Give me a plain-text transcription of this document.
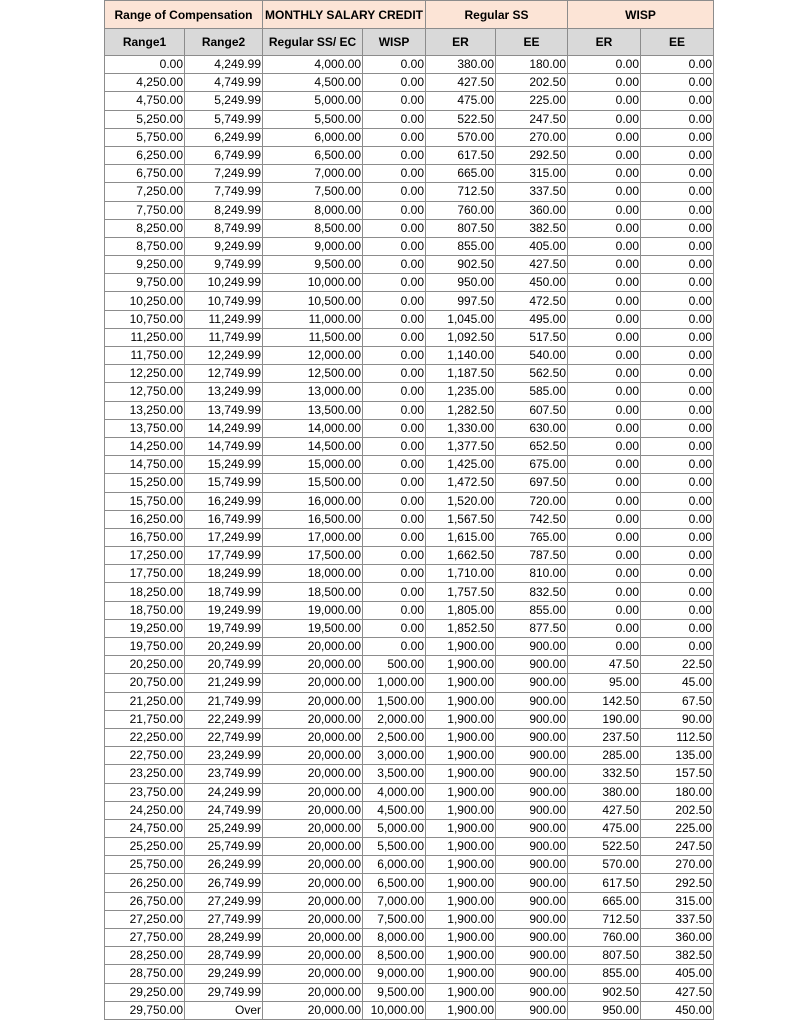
Range of Compensation		MONTHLY SALARY CREDIT		Regular SS		WISP	
Range1	Range2	Regular SS/ EC	WISP	ER	EE	ER	EE
0.00	4,249.99	4,000.00	0.00	380.00	180.00	0.00	0.00
4,250.00	4,749.99	4,500.00	0.00	427.50	202.50	0.00	0.00
4,750.00	5,249.99	5,000.00	0.00	475.00	225.00	0.00	0.00
5,250.00	5,749.99	5,500.00	0.00	522.50	247.50	0.00	0.00
5,750.00	6,249.99	6,000.00	0.00	570.00	270.00	0.00	0.00
6,250.00	6,749.99	6,500.00	0.00	617.50	292.50	0.00	0.00
6,750.00	7,249.99	7,000.00	0.00	665.00	315.00	0.00	0.00
7,250.00	7,749.99	7,500.00	0.00	712.50	337.50	0.00	0.00
7,750.00	8,249.99	8,000.00	0.00	760.00	360.00	0.00	0.00
8,250.00	8,749.99	8,500.00	0.00	807.50	382.50	0.00	0.00
8,750.00	9,249.99	9,000.00	0.00	855.00	405.00	0.00	0.00
9,250.00	9,749.99	9,500.00	0.00	902.50	427.50	0.00	0.00
9,750.00	10,249.99	10,000.00	0.00	950.00	450.00	0.00	0.00
10,250.00	10,749.99	10,500.00	0.00	997.50	472.50	0.00	0.00
10,750.00	11,249.99	11,000.00	0.00	1,045.00	495.00	0.00	0.00
11,250.00	11,749.99	11,500.00	0.00	1,092.50	517.50	0.00	0.00
11,750.00	12,249.99	12,000.00	0.00	1,140.00	540.00	0.00	0.00
12,250.00	12,749.99	12,500.00	0.00	1,187.50	562.50	0.00	0.00
12,750.00	13,249.99	13,000.00	0.00	1,235.00	585.00	0.00	0.00
13,250.00	13,749.99	13,500.00	0.00	1,282.50	607.50	0.00	0.00
13,750.00	14,249.99	14,000.00	0.00	1,330.00	630.00	0.00	0.00
14,250.00	14,749.99	14,500.00	0.00	1,377.50	652.50	0.00	0.00
14,750.00	15,249.99	15,000.00	0.00	1,425.00	675.00	0.00	0.00
15,250.00	15,749.99	15,500.00	0.00	1,472.50	697.50	0.00	0.00
15,750.00	16,249.99	16,000.00	0.00	1,520.00	720.00	0.00	0.00
16,250.00	16,749.99	16,500.00	0.00	1,567.50	742.50	0.00	0.00
16,750.00	17,249.99	17,000.00	0.00	1,615.00	765.00	0.00	0.00
17,250.00	17,749.99	17,500.00	0.00	1,662.50	787.50	0.00	0.00
17,750.00	18,249.99	18,000.00	0.00	1,710.00	810.00	0.00	0.00
18,250.00	18,749.99	18,500.00	0.00	1,757.50	832.50	0.00	0.00
18,750.00	19,249.99	19,000.00	0.00	1,805.00	855.00	0.00	0.00
19,250.00	19,749.99	19,500.00	0.00	1,852.50	877.50	0.00	0.00
19,750.00	20,249.99	20,000.00	0.00	1,900.00	900.00	0.00	0.00
20,250.00	20,749.99	20,000.00	500.00	1,900.00	900.00	47.50	22.50
20,750.00	21,249.99	20,000.00	1,000.00	1,900.00	900.00	95.00	45.00
21,250.00	21,749.99	20,000.00	1,500.00	1,900.00	900.00	142.50	67.50
21,750.00	22,249.99	20,000.00	2,000.00	1,900.00	900.00	190.00	90.00
22,250.00	22,749.99	20,000.00	2,500.00	1,900.00	900.00	237.50	112.50
22,750.00	23,249.99	20,000.00	3,000.00	1,900.00	900.00	285.00	135.00
23,250.00	23,749.99	20,000.00	3,500.00	1,900.00	900.00	332.50	157.50
23,750.00	24,249.99	20,000.00	4,000.00	1,900.00	900.00	380.00	180.00
24,250.00	24,749.99	20,000.00	4,500.00	1,900.00	900.00	427.50	202.50
24,750.00	25,249.99	20,000.00	5,000.00	1,900.00	900.00	475.00	225.00
25,250.00	25,749.99	20,000.00	5,500.00	1,900.00	900.00	522.50	247.50
25,750.00	26,249.99	20,000.00	6,000.00	1,900.00	900.00	570.00	270.00
26,250.00	26,749.99	20,000.00	6,500.00	1,900.00	900.00	617.50	292.50
26,750.00	27,249.99	20,000.00	7,000.00	1,900.00	900.00	665.00	315.00
27,250.00	27,749.99	20,000.00	7,500.00	1,900.00	900.00	712.50	337.50
27,750.00	28,249.99	20,000.00	8,000.00	1,900.00	900.00	760.00	360.00
28,250.00	28,749.99	20,000.00	8,500.00	1,900.00	900.00	807.50	382.50
28,750.00	29,249.99	20,000.00	9,000.00	1,900.00	900.00	855.00	405.00
29,250.00	29,749.99	20,000.00	9,500.00	1,900.00	900.00	902.50	427.50
29,750.00	Over	20,000.00	10,000.00	1,900.00	900.00	950.00	450.00
